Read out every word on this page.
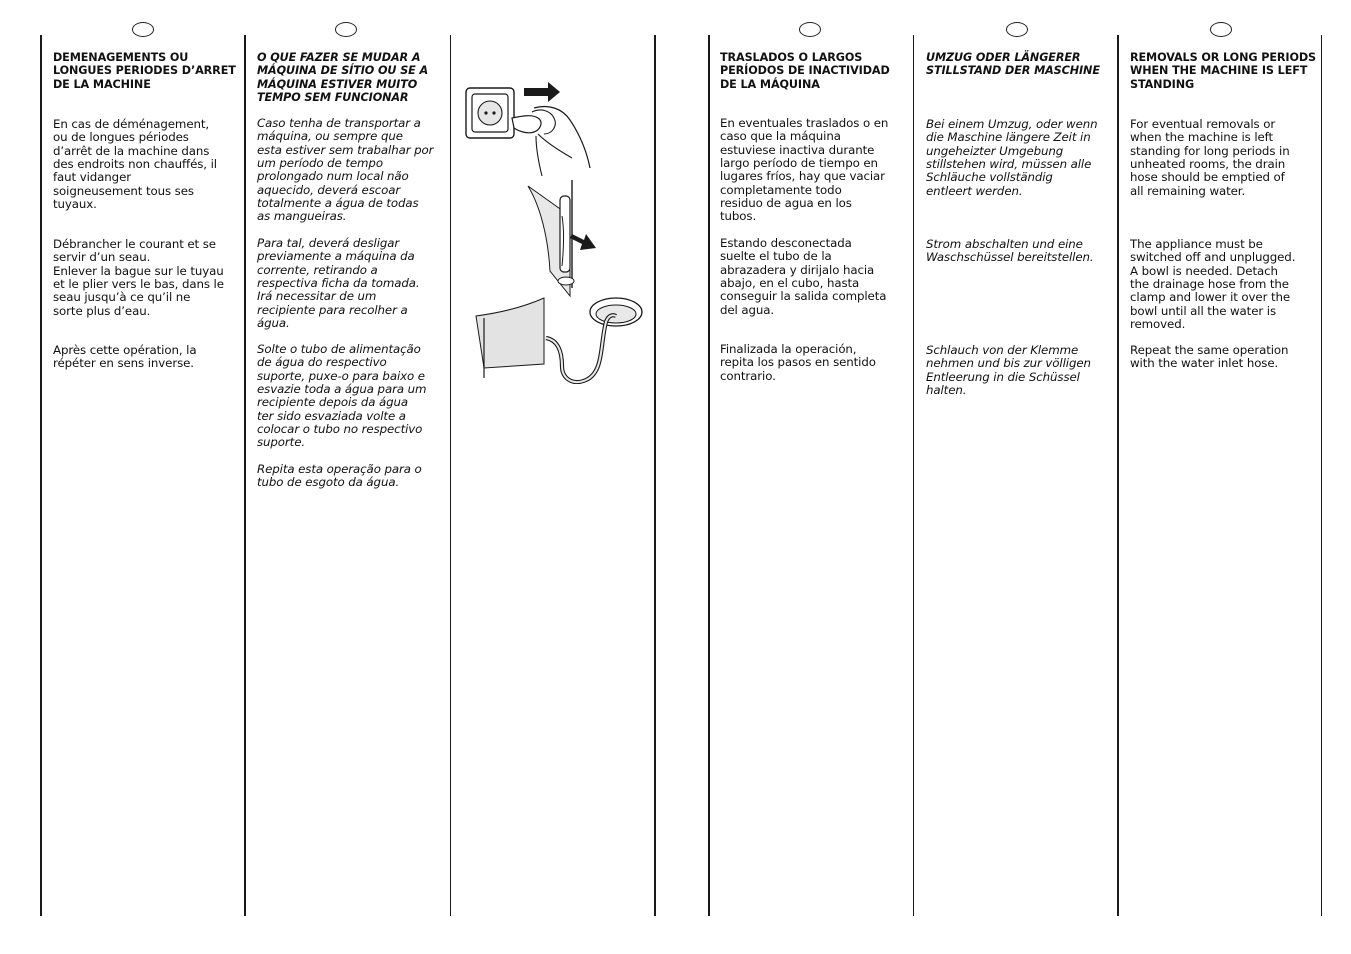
DEMENAGEMENTS OU
LONGUES PERIODES D’ARRET
DE LA MACHINE

En cas de déménagement,
ou de longues périodes
d’arrêt de la machine dans
des endroits non chauffés, il
faut vidanger
soigneusement tous ses
tuyaux.

Débrancher le courant et se
servir d’un seau.
Enlever la bague sur le tuyau
et le plier vers le bas, dans le
seau jusqu’à ce qu’il ne
sorte plus d’eau.

Après cette opération, la
répéter en sens inverse.

O QUE FAZER SE MUDAR A
MÁQUINA DE SÍTIO OU SE A
MÁQUINA ESTIVER MUITO
TEMPO SEM FUNCIONAR

Caso tenha de transportar a
máquina, ou sempre que
esta estiver sem trabalhar por
um período de tempo
prolongado num local não
aquecido, deverá escoar
totalmente a água de todas
as mangueiras.

Para tal, deverá desligar
previamente a máquina da
corrente, retirando a
respectiva ficha da tomada.
Irá necessitar de um
recipiente para recolher a
água.

Solte o tubo de alimentação
de água do respectivo
suporte, puxe-o para baixo e
esvazie toda a água para um
recipiente depois da água
ter sido esvaziada volte a
colocar o tubo no respectivo
suporte.

Repita esta operação para o
tubo de esgoto da água.

TRASLADOS O LARGOS
PERÍODOS DE INACTIVIDAD
DE LA MÁQUINA

En eventuales traslados o en
caso que la máquina
estuviese inactiva durante
largo período de tiempo en
lugares fríos, hay que vaciar
completamente todo
residuo de agua en los
tubos.

Estando desconectada
suelte el tubo de la
abrazadera y dirijalo hacia
abajo, en el cubo, hasta
conseguir la salida completa
del agua.

Finalizada la operación,
repita los pasos en sentido
contrario.

UMZUG ODER LÄNGERER
STILLSTAND DER MASCHINE

Bei einem Umzug, oder wenn
die Maschine längere Zeit in
ungeheizter Umgebung
stillstehen wird, müssen alle
Schläuche vollständig
entleert werden.

Strom abschalten und eine
Waschschüssel bereitstellen.

Schlauch von der Klemme
nehmen und bis zur völligen
Entleerung in die Schüssel
halten.

REMOVALS OR LONG PERIODS
WHEN THE MACHINE IS LEFT
STANDING

For eventual removals or
when the machine is left
standing for long periods in
unheated rooms, the drain
hose should be emptied of
all remaining water.

The appliance must be
switched off and unplugged.
A bowl is needed. Detach
the drainage hose from the
clamp and lower it over the
bowl until all the water is
removed.

Repeat the same operation
with the water inlet hose.
